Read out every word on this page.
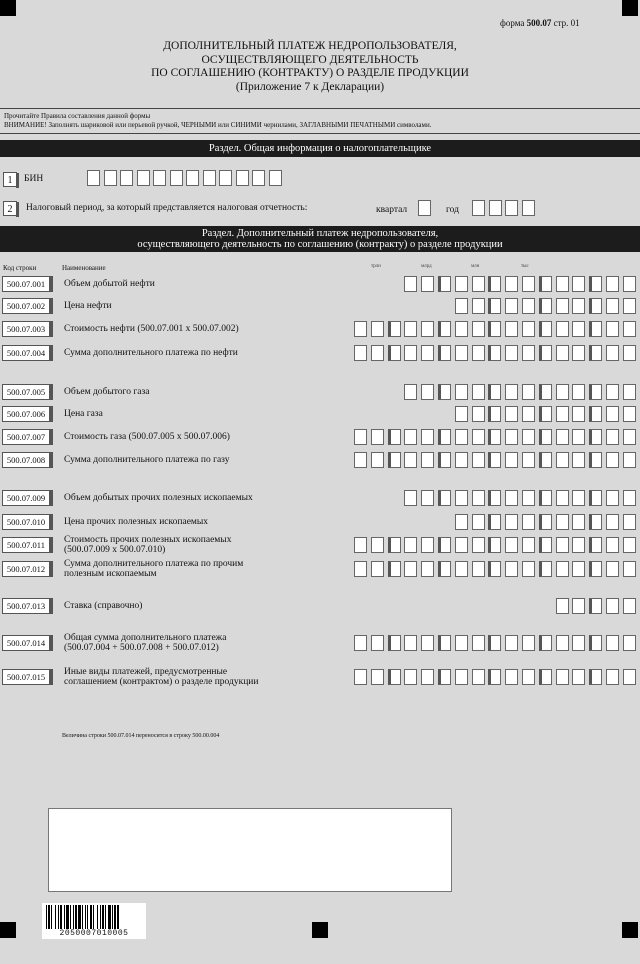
форма 500.07 стр. 01
ДОПОЛНИТЕЛЬНЫЙ ПЛАТЕЖ НЕДРОПОЛЬЗОВАТЕЛЯ,
ОСУЩЕСТВЛЯЮЩЕГО ДЕЯТЕЛЬНОСТЬ
ПО СОГЛАШЕНИЮ (КОНТРАКТУ) О РАЗДЕЛЕ ПРОДУКЦИИ
(Приложение 7 к Декларации)
Прочитайте Правила составления данной формы
ВНИМАНИЕ! Заполнять шариковой или перьевой ручкой, ЧЕРНЫМИ или СИНИМИ чернилами, ЗАГЛАВНЫМИ ПЕЧАТНЫМИ символами.
Раздел. Общая информация о налогоплательщике
1	БИН
2	Налоговый период, за который представляется налоговая отчетность:	квартал	год
Раздел. Дополнительный платеж недропользователя,
осуществляющего деятельность по соглашению (контракту) о разделе продукции
Код строки	Наименование	трлн	млрд	млн	тыс
500.07.001	Объем добытой нефти
500.07.002	Цена нефти
500.07.003	Стоимость нефти (500.07.001 х 500.07.002)
500.07.004	Сумма дополнительного платежа по нефти
500.07.005	Объем добытого газа
500.07.006	Цена газа
500.07.007	Стоимость газа (500.07.005 х 500.07.006)
500.07.008	Сумма дополнительного платежа по газу
500.07.009	Объем добытых прочих полезных ископаемых
500.07.010	Цена прочих полезных ископаемых
500.07.011	Стоимость прочих полезных ископаемых
(500.07.009 х 500.07.010)
500.07.012	Сумма дополнительного платежа по прочим
полезным ископаемым
500.07.013	Ставка (справочно)
500.07.014	Общая сумма дополнительного платежа
(500.07.004 + 500.07.008 + 500.07.012)
500.07.015	Иные виды платежей, предусмотренные
соглашением (контрактом) о разделе продукции
Величина строки 500.07.014 переносится в строку 500.00.004
2050007010005
